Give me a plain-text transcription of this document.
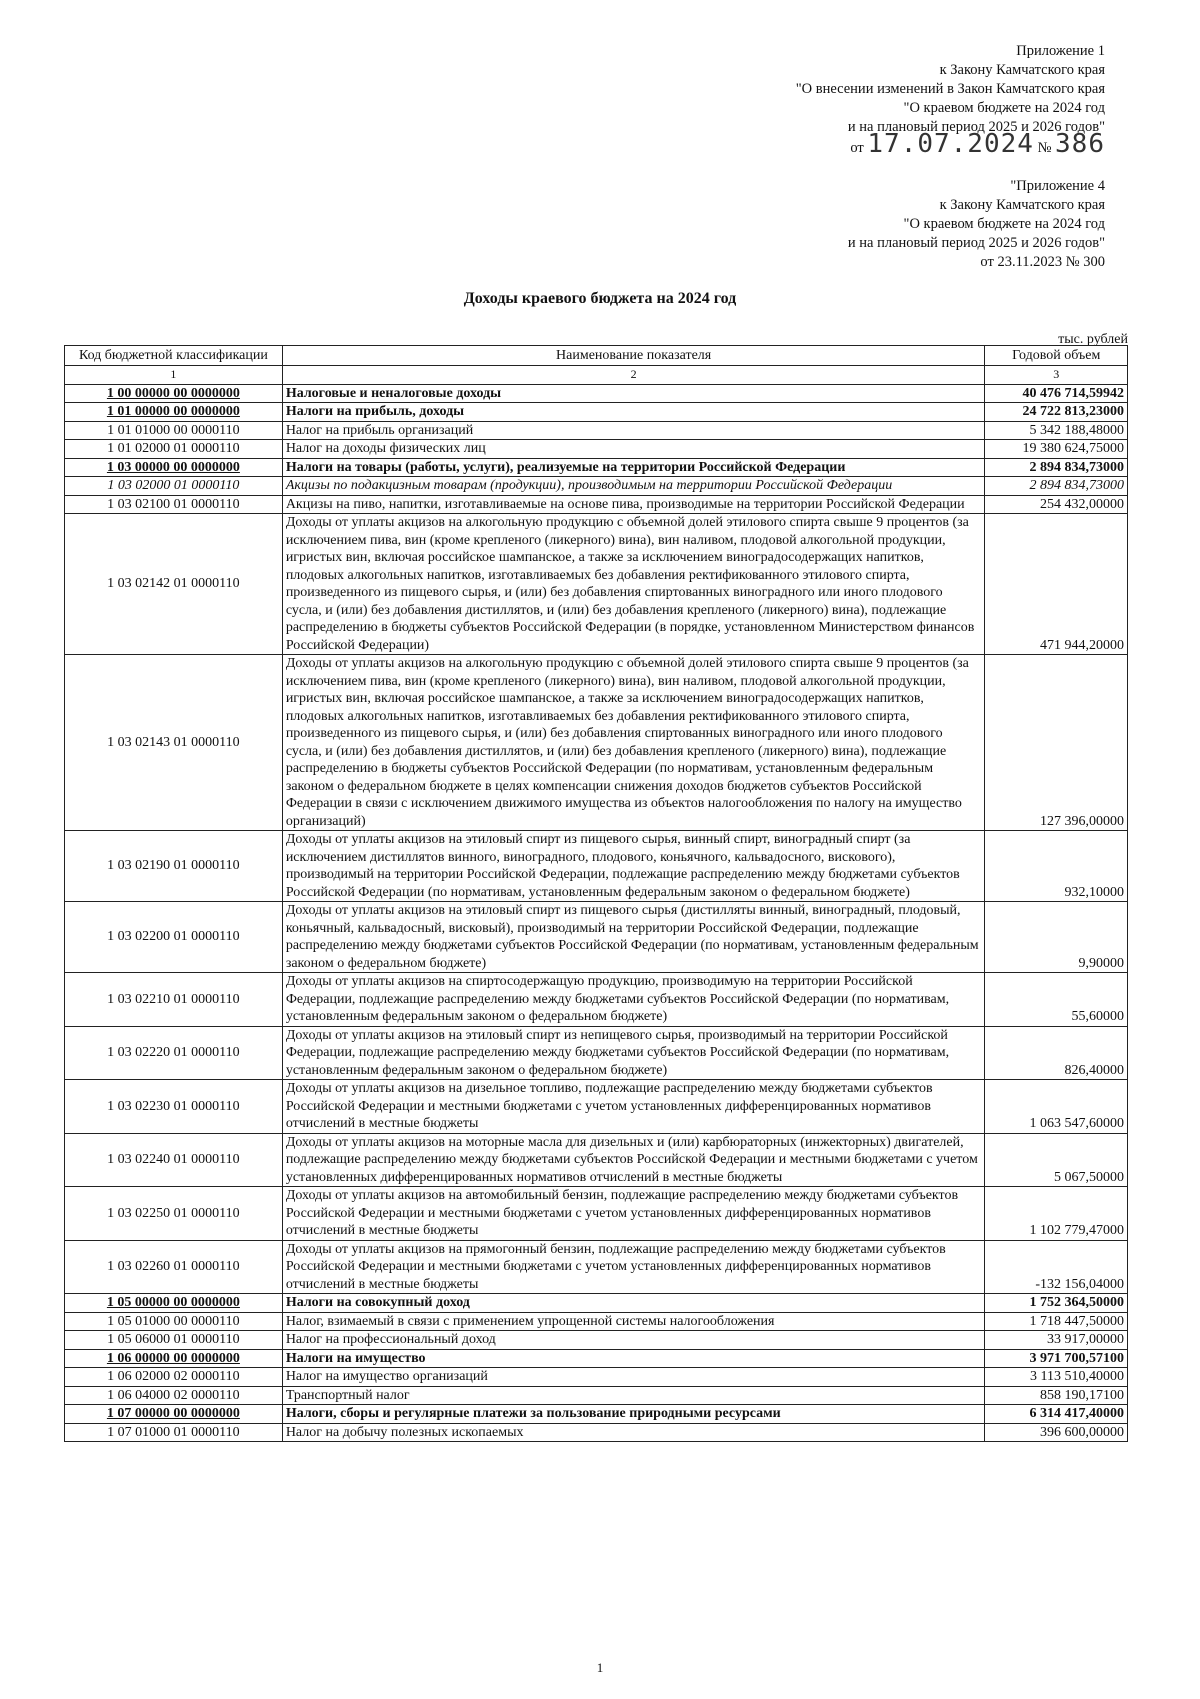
Приложение 1
к Закону Камчатского края
"О внесении изменений в Закон Камчатского края
"О краевом бюджете на 2024 год
и на плановый период 2025 и 2026 годов"
от 17.07.2024 № 386
"Приложение 4
к Закону Камчатского края
"О краевом бюджете на 2024 год
и на плановый период 2025 и 2026 годов"
от 23.11.2023 № 300
Доходы краевого бюджета на 2024 год
тыс. рублей
Код бюджетной классификации	Наименование показателя	Годовой объем
1	2	3
1 00 00000 00 0000000	Налоговые и неналоговые доходы	40 476 714,59942
1 01 00000 00 0000000	Налоги на прибыль, доходы	24 722 813,23000
1 01 01000 00 0000110	Налог на прибыль организаций	5 342 188,48000
1 01 02000 01 0000110	Налог на доходы физических лиц	19 380 624,75000
1 03 00000 00 0000000	Налоги на товары (работы, услуги), реализуемые на территории Российской Федерации	2 894 834,73000
1 03 02000 01 0000110	Акцизы по подакцизным товарам (продукции), производимым на территории Российской Федерации	2 894 834,73000
1 03 02100 01 0000110	Акцизы на пиво, напитки, изготавливаемые на основе пива, производимые на территории Российской Федерации	254 432,00000
1 03 02142 01 0000110	Доходы от уплаты акцизов на алкогольную продукцию с объемной долей этилового спирта свыше 9 процентов (за исключением пива, вин (кроме крепленого (ликерного) вина), вин наливом, плодовой алкогольной продукции, игристых вин, включая российское шампанское, а также за исключением виноградосодержащих напитков, плодовых алкогольных напитков, изготавливаемых без добавления ректификованного этилового спирта, произведенного из пищевого сырья, и (или) без добавления спиртованных виноградного или иного плодового сусла, и (или) без добавления дистиллятов, и (или) без добавления крепленого (ликерного) вина), подлежащие распределению в бюджеты субъектов Российской Федерации (в порядке, установленном Министерством финансов Российской Федерации)	471 944,20000
1 03 02143 01 0000110	Доходы от уплаты акцизов на алкогольную продукцию с объемной долей этилового спирта свыше 9 процентов (за исключением пива, вин (кроме крепленого (ликерного) вина), вин наливом, плодовой алкогольной продукции, игристых вин, включая российское шампанское, а также за исключением виноградосодержащих напитков, плодовых алкогольных напитков, изготавливаемых без добавления ректификованного этилового спирта, произведенного из пищевого сырья, и (или) без добавления спиртованных виноградного или иного плодового сусла, и (или) без добавления дистиллятов, и (или) без добавления крепленого (ликерного) вина), подлежащие распределению в бюджеты субъектов Российской Федерации (по нормативам, установленным федеральным законом о федеральном бюджете в целях компенсации снижения доходов бюджетов субъектов Российской Федерации в связи с исключением движимого имущества из объектов налогообложения по налогу на имущество организаций)	127 396,00000
1 03 02190 01 0000110	Доходы от уплаты акцизов на этиловый спирт из пищевого сырья, винный спирт, виноградный спирт (за исключением дистиллятов винного, виноградного, плодового, коньячного, кальвадосного, вискового), производимый на территории Российской Федерации, подлежащие распределению между бюджетами субъектов Российской Федерации (по нормативам, установленным федеральным законом о федеральном бюджете)	932,10000
1 03 02200 01 0000110	Доходы от уплаты акцизов на этиловый спирт из пищевого сырья (дистилляты винный, виноградный, плодовый, коньячный, кальвадосный, висковый), производимый на территории Российской Федерации, подлежащие распределению между бюджетами субъектов Российской Федерации (по нормативам, установленным федеральным законом о федеральном бюджете)	9,90000
1 03 02210 01 0000110	Доходы от уплаты акцизов на спиртосодержащую продукцию, производимую на территории Российской Федерации, подлежащие распределению между бюджетами субъектов Российской Федерации (по нормативам, установленным федеральным законом о федеральном бюджете)	55,60000
1 03 02220 01 0000110	Доходы от уплаты акцизов на этиловый спирт из непищевого сырья, производимый на территории Российской Федерации, подлежащие распределению между бюджетами субъектов Российской Федерации (по нормативам, установленным федеральным законом о федеральном бюджете)	826,40000
1 03 02230 01 0000110	Доходы от уплаты акцизов на дизельное топливо, подлежащие распределению между бюджетами субъектов Российской Федерации и местными бюджетами с учетом установленных дифференцированных нормативов отчислений в местные бюджеты	1 063 547,60000
1 03 02240 01 0000110	Доходы от уплаты акцизов на моторные масла для дизельных и (или) карбюраторных (инжекторных) двигателей, подлежащие распределению между бюджетами субъектов Российской Федерации и местными бюджетами с учетом установленных дифференцированных нормативов отчислений в местные бюджеты	5 067,50000
1 03 02250 01 0000110	Доходы от уплаты акцизов на автомобильный бензин, подлежащие распределению между бюджетами субъектов Российской Федерации и местными бюджетами с учетом установленных дифференцированных нормативов отчислений в местные бюджеты	1 102 779,47000
1 03 02260 01 0000110	Доходы от уплаты акцизов на прямогонный бензин, подлежащие распределению между бюджетами субъектов Российской Федерации и местными бюджетами с учетом установленных дифференцированных нормативов отчислений в местные бюджеты	-132 156,04000
1 05 00000 00 0000000	Налоги на совокупный доход	1 752 364,50000
1 05 01000 00 0000110	Налог, взимаемый в связи с применением упрощенной системы налогообложения	1 718 447,50000
1 05 06000 01 0000110	Налог на профессиональный доход	33 917,00000
1 06 00000 00 0000000	Налоги на имущество	3 971 700,57100
1 06 02000 02 0000110	Налог на имущество организаций	3 113 510,40000
1 06 04000 02 0000110	Транспортный налог	858 190,17100
1 07 00000 00 0000000	Налоги, сборы и регулярные платежи за пользование природными ресурсами	6 314 417,40000
1 07 01000 01 0000110	Налог на добычу полезных ископаемых	396 600,00000
1
